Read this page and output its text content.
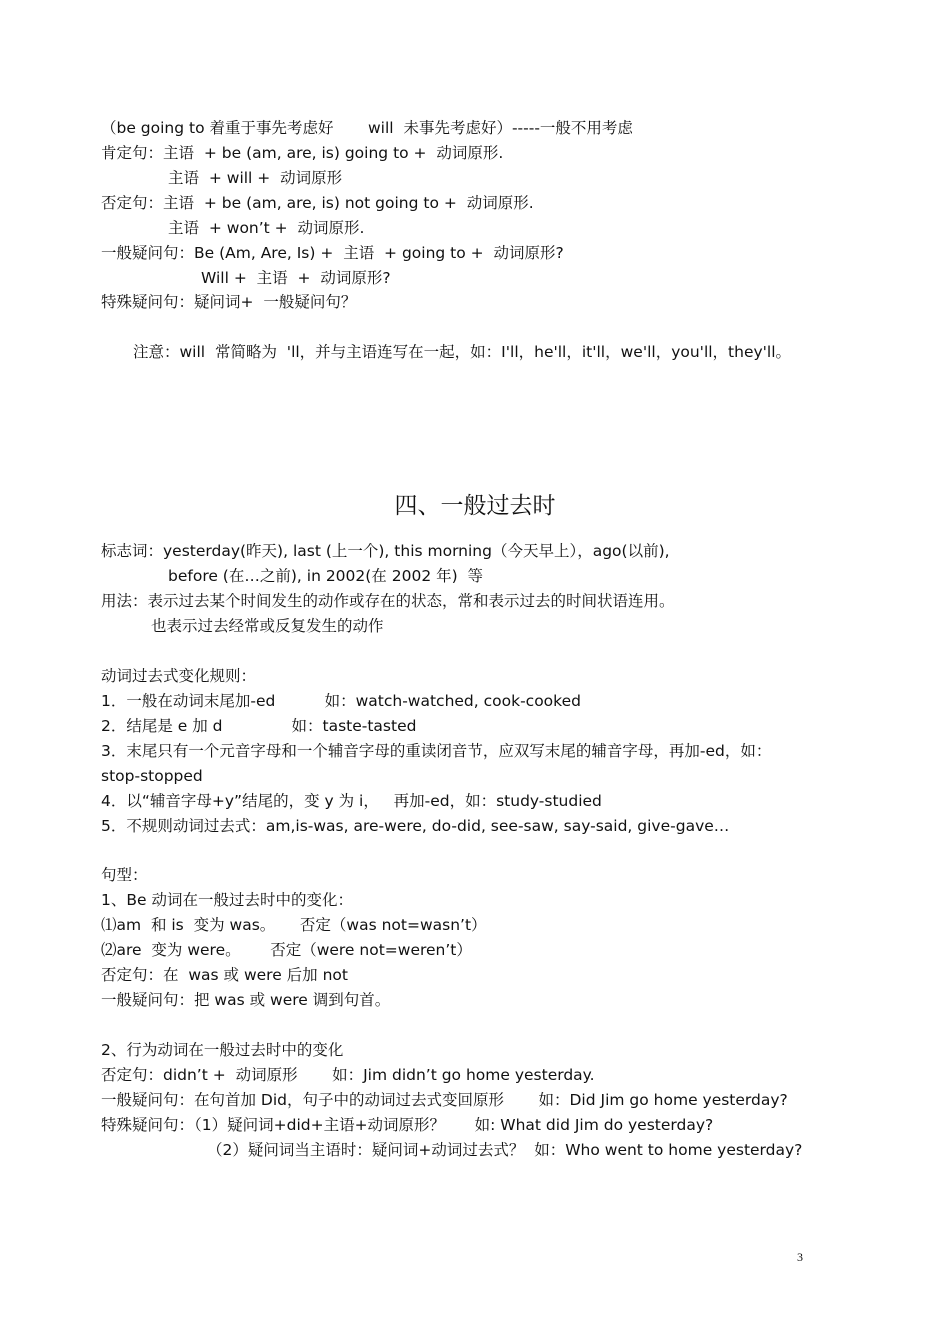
（be going to 着重于事先考虑好       will  未事先考虑好）-----一般不用考虑
肯定句：主语  + be (am, are, is) going to +  动词原形.
主语  + will +  动词原形
否定句：主语  + be (am, are, is) not going to +  动词原形.
主语  + won’t +  动词原形.
一般疑问句：Be (Am, Are, Is) +  主语  + going to +  动词原形?
Will +  主语  +  动词原形?
特殊疑问句：疑问词+  一般疑问句？
注意：will  常简略为  'll，并与主语连写在一起，如：I'll，he'll，it'll，we'll，you'll，they'll。
四、一般过去时
标志词：yesterday(昨天), last (上一个), this morning（今天早上），ago(以前),
before (在…之前), in 2002(在 2002 年)  等
用法：表示过去某个时间发生的动作或存在的状态，常和表示过去的时间状语连用。
也表示过去经常或反复发生的动作
动词过去式变化规则：
1．一般在动词末尾加-ed          如：watch-watched, cook-cooked
2．结尾是 e 加 d              如：taste-tasted
3．末尾只有一个元音字母和一个辅音字母的重读闭音节，应双写末尾的辅音字母，再加-ed，如：
stop-stopped
4．以“辅音字母+y”结尾的，变 y 为 i，   再加-ed，如：study-studied
5．不规则动词过去式：am,is-was, are-were, do-did, see-saw, say-said, give-gave…
句型：
1、Be 动词在一般过去时中的变化：
⑴am  和 is  变为 was。     否定（was not=wasn’t）
⑵are  变为 were。      否定（were not=weren’t）
否定句：在  was 或 were 后加 not
一般疑问句：把 was 或 were 调到句首。
2、行为动词在一般过去时中的变化
否定句：didn’t +  动词原形       如：Jim didn’t go home yesterday.
一般疑问句：在句首加 Did，句子中的动词过去式变回原形       如：Did Jim go home yesterday?
特殊疑问句：（1）疑问词+did+主语+动词原形？      如: What did Jim do yesterday?
（2）疑问词当主语时：疑问词+动词过去式？  如：Who went to home yesterday?
3
